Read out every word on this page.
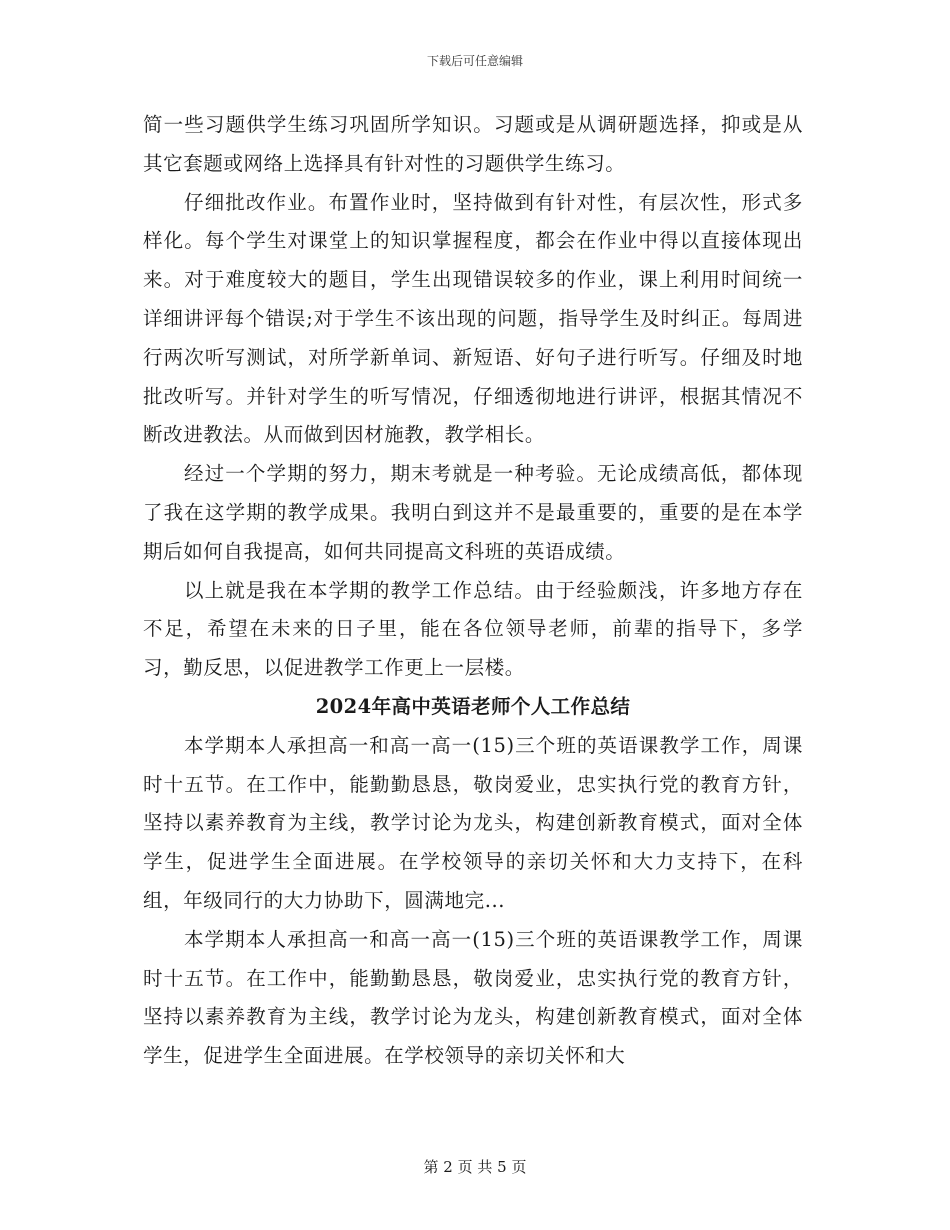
下载后可任意编辑

简一些习题供学生练习巩固所学知识。习题或是从调研题选择，抑或是从其它套题或网络上选择具有针对性的习题供学生练习。

仔细批改作业。布置作业时，坚持做到有针对性，有层次性，形式多样化。每个学生对课堂上的知识掌握程度，都会在作业中得以直接体现出来。对于难度较大的题目，学生出现错误较多的作业，课上利用时间统一详细讲评每个错误;对于学生不该出现的问题，指导学生及时纠正。每周进行两次听写测试，对所学新单词、新短语、好句子进行听写。仔细及时地批改听写。并针对学生的听写情况，仔细透彻地进行讲评，根据其情况不断改进教法。从而做到因材施教，教学相长。

经过一个学期的努力，期末考就是一种考验。无论成绩高低，都体现了我在这学期的教学成果。我明白到这并不是最重要的，重要的是在本学期后如何自我提高，如何共同提高文科班的英语成绩。

以上就是我在本学期的教学工作总结。由于经验颇浅，许多地方存在不足，希望在未来的日子里，能在各位领导老师，前辈的指导下，多学习，勤反思，以促进教学工作更上一层楼。

2024年高中英语老师个人工作总结

本学期本人承担高一和高一高一(15)三个班的英语课教学工作，周课时十五节。在工作中，能勤勤恳恳，敬岗爱业，忠实执行党的教育方针，坚持以素养教育为主线，教学讨论为龙头，构建创新教育模式，面对全体学生，促进学生全面进展。在学校领导的亲切关怀和大力支持下，在科组，年级同行的大力协助下，圆满地完...

本学期本人承担高一和高一高一(15)三个班的英语课教学工作，周课时十五节。在工作中，能勤勤恳恳，敬岗爱业，忠实执行党的教育方针，坚持以素养教育为主线，教学讨论为龙头，构建创新教育模式，面对全体学生，促进学生全面进展。在学校领导的亲切关怀和大

第 2 页 共 5 页
